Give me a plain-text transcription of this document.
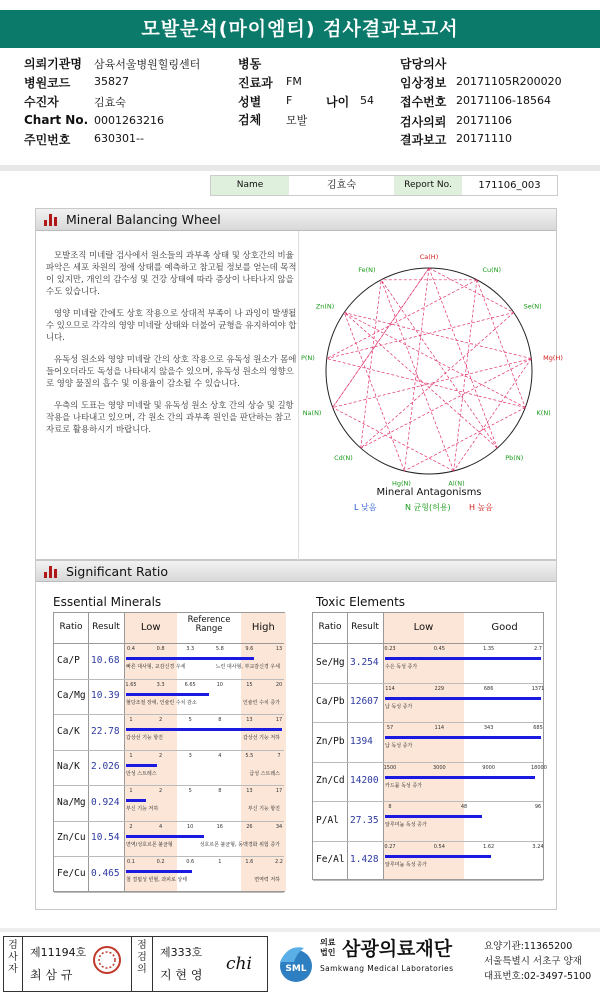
모발분석(마이엠티) 검사결과보고서
의뢰기관명 삼육서울병원힐링센터	병동	담당의사
병원코드 35827	진료과 FM	임상정보 20171105R200020
수진자	김효숙	성별 F	나이 54 접수번호 20171106-18564
Chart No. 0001263216	검체 모발	검사의뢰 20171106
주민번호 630301--	결과보고 20171110
Name	김효숙	Report No.	171106_003
Mineral Balancing Wheel

모발조직 미네랄 검사에서 원소들의 과부족 상태 및 상호간의 비율 파악은 세포 차원의 정애 상태를 예측하고 참고될 정보를 얻는데 목적이 있지만, 개인의 감수성 및 건강 상태에 따라 증상이 나타나지 않을수도 있습니다.

영양 미네랄 간에도 상호 작용으로 상대적 부족이 나 과잉이 발생될 수 있으므로 각각의 영양 미네랄 상태와 더불어 균형을 유지하여야 합니다.

유독성 원소와 영양 미네랄 간의 상호 작용으로 유독성 원소가 몸에 들어오더라도 독성을 나타내지 않을수 있으며, 유독성 원소의 영향으로 영양 물질의 흡수 및 이용율이 감소될 수 있습니다.

우측의 도표는 영양 미네랄 및 유독성 원소 상호 간의 상승 및 길항 작용을 나타내고 있으며, 각 원소 간의 과부족 원인을 판단하는 참고자료로 활용하시기 바랍니다.

Ca(H)
Cu(N)
Se(N)
Mg(H)
K(N)
Pb(N)
Al(N)
Hg(N)
Cd(N)
Na(N)
P(N)
Zn(N)
Fe(N)
Mineral Antagonisms
L 낮음	N 균형(허용) H 높음
Significant Ratio
Essential Minerals	Toxic Elements
Ratio	Result	Low
Reference Range	High
Ca/P 10.68
0.4	0.8	3.3	5.8	9.6	13
빠른 대사형, 교감신경 우세	느린 대사형, 부교감신경 우세
Ca/Mg 10.39
1.65	3.3	6.65	10	15	20
혈당조절 장애, 인슐린 수치 감소	인슐린 수치 증가
Ca/K 22.78
1	2	5	8	13	17
갑상선 기능 항진	갑상선 기능 저하
Na/K 2.026
1	2	3	4	5.5	7
만성 스트레스	급성 스트레스
Na/Mg 0.924
1	2	5	8	13	17
부신 기능 저하	부신 기능 항진
Zn/Cu 10.54
2	4	10	16	26	34
면역/성호르몬 불균형	성호르몬 불균형, 동맥경화 위험 증가
Fe/Cu 0.465
0.1	0.2	0.6	1	1.6	2.2
철 결핍성 빈혈, 과피로 상태	면역력 저하
Ratio	Result	Low	Good
Se/Hg 3.254
0.23	0.45	1.35	2.7
수은 독성 증가
Ca/Pb 12607
114	229	686	1371
납 독성 증가
Zn/Pb 1394
57	114	343	685
납 독성 증가
Zn/Cd 14200
1500	3000	9000	18000
카드뮴 독성 증가
P/Al 27.35
8	48	96
알루미늄 독성 증가
Fe/Al 1.428
0.27	0.54	1.62	3.24
알루미늄 독성 증가
검
사
자
제11194호
최 삼 규
점
검
의
제333호
지 현 영
chi	SML
의료법인 삼광의료재단
Samkwang Medical Laboratories
요양기관:11365200
서울특별시 서초구 양재
대표번호:02-3497-5100
